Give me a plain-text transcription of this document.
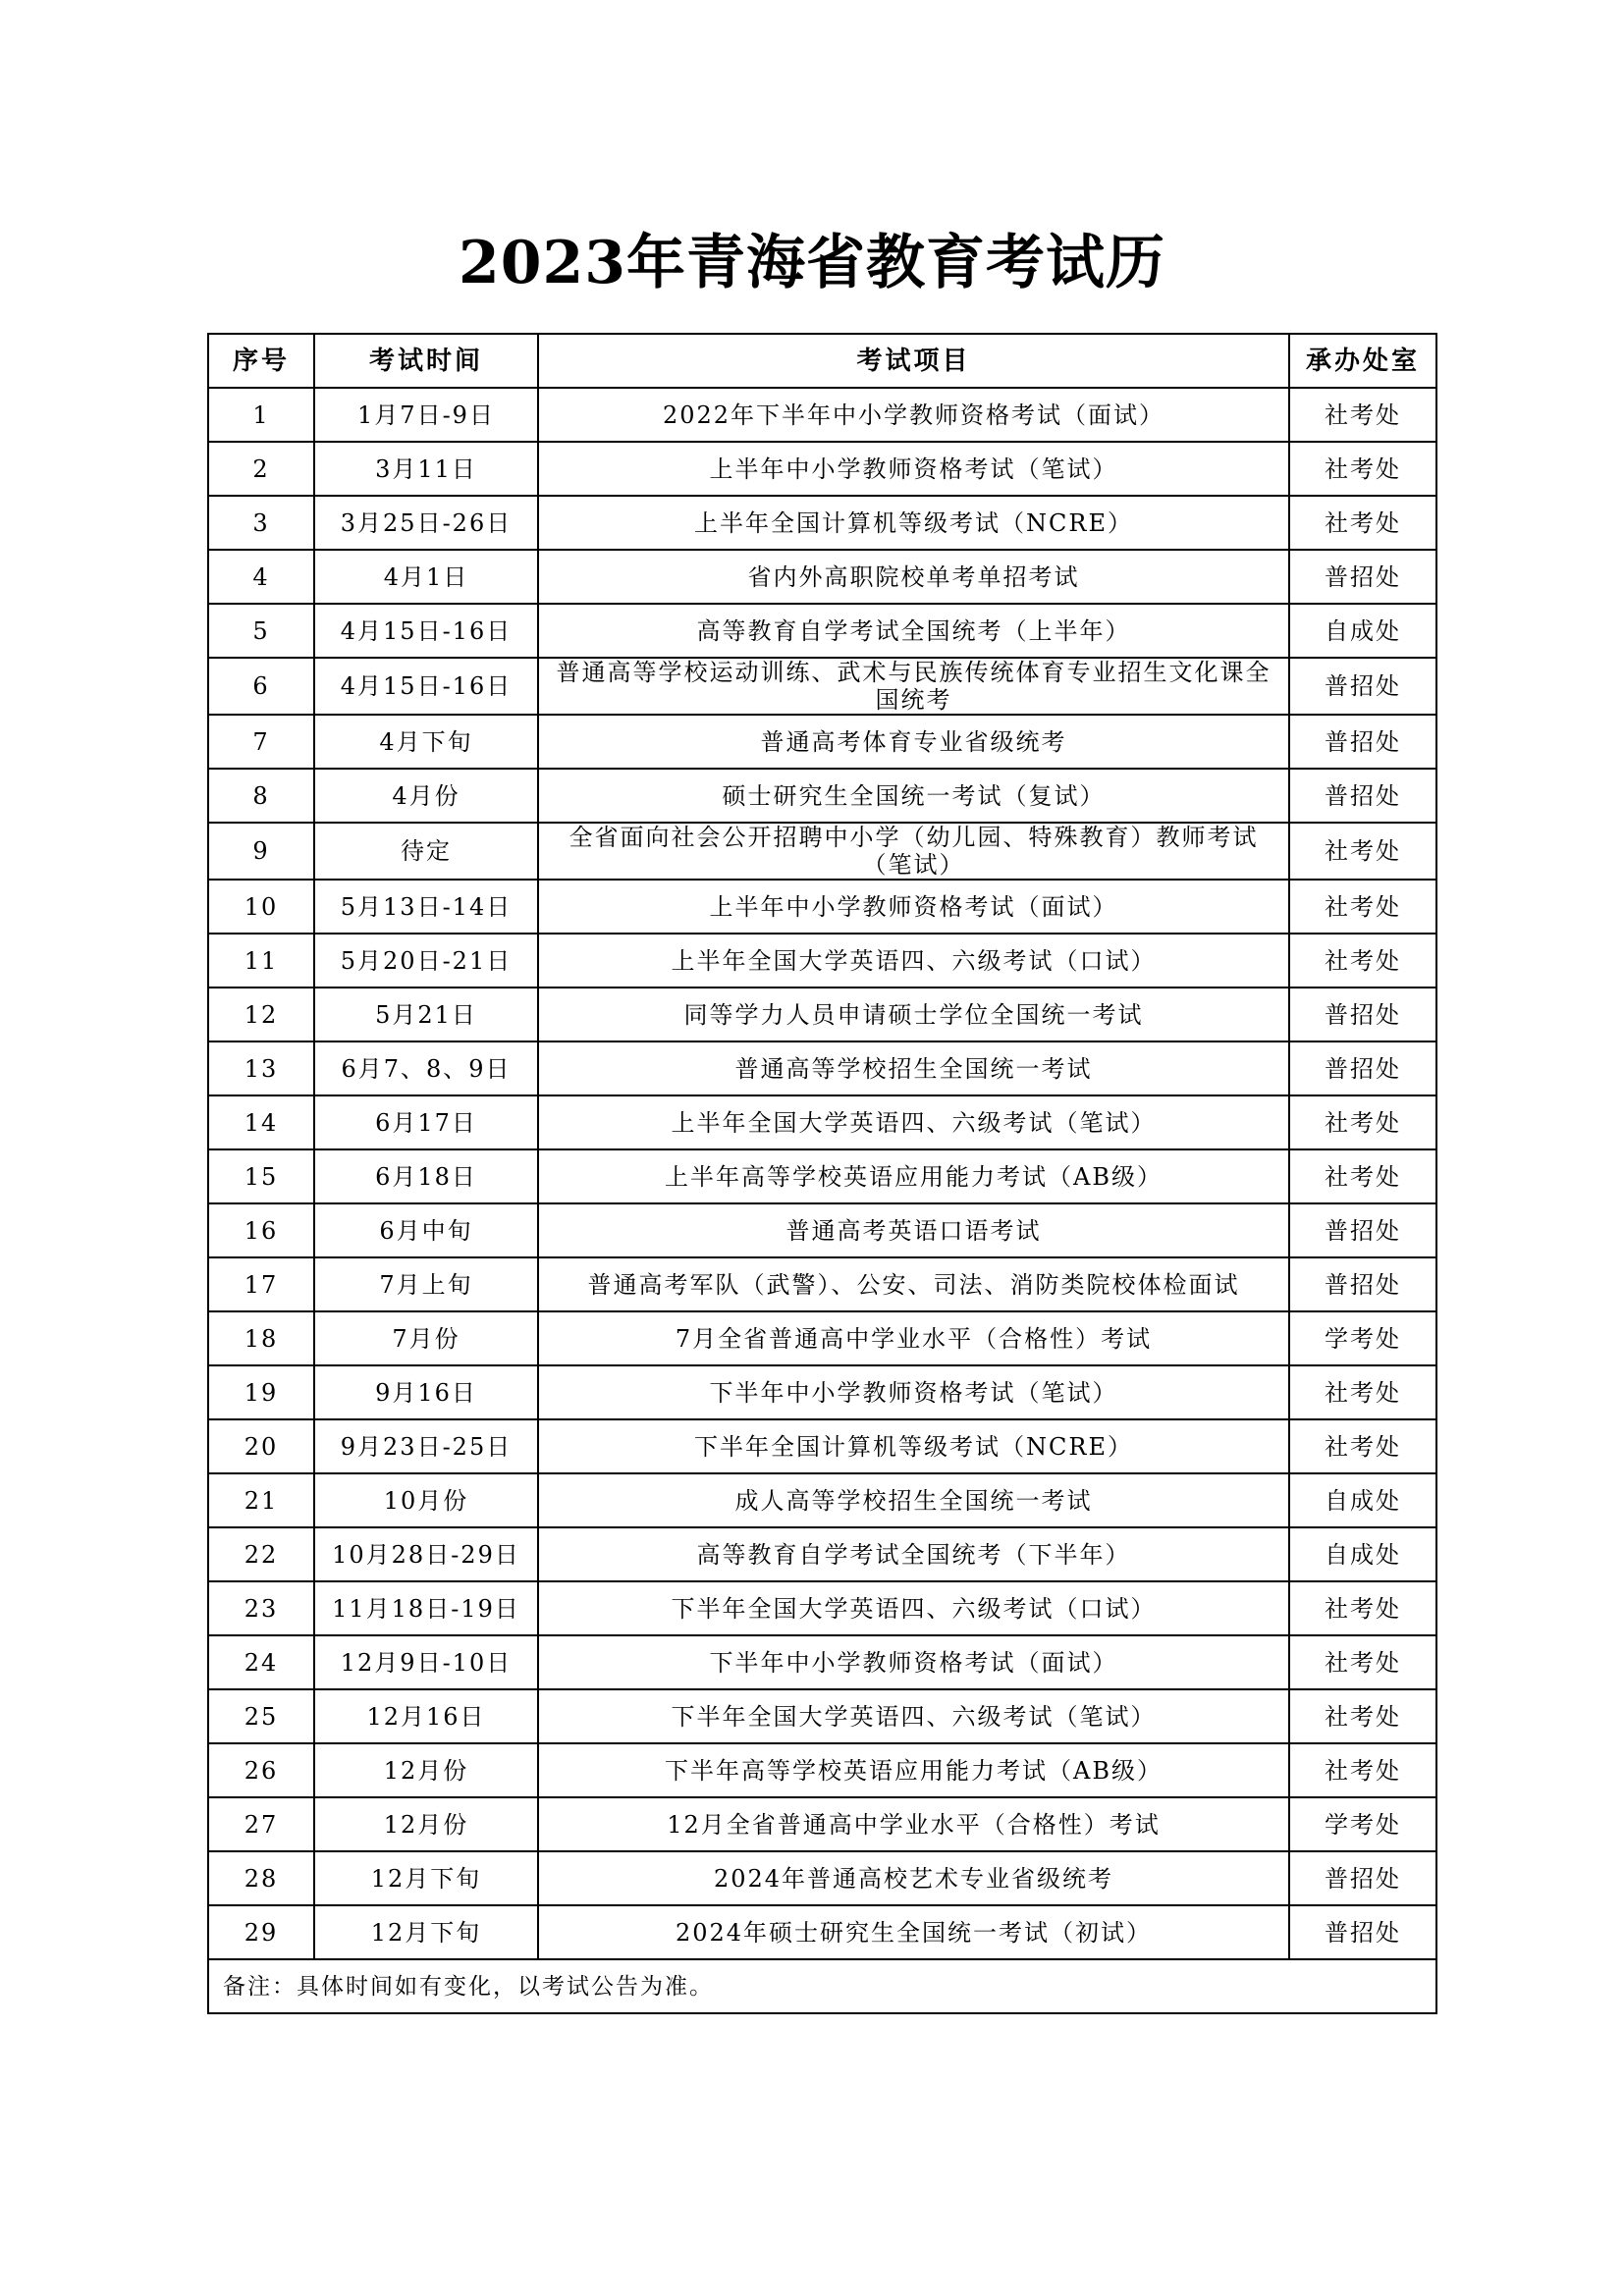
2023年青海省教育考试历
序号	考试时间	考试项目	承办处室
1	1月7日-9日	2022年下半年中小学教师资格考试（面试）	社考处
2	3月11日	上半年中小学教师资格考试（笔试）	社考处
3	3月25日-26日	上半年全国计算机等级考试（NCRE）	社考处
4	4月1日	省内外高职院校单考单招考试	普招处
5	4月15日-16日	高等教育自学考试全国统考（上半年）	自成处
6	4月15日-16日	普通高等学校运动训练、武术与民族传统体育专业招生文化课全国统考	普招处
7	4月下旬	普通高考体育专业省级统考	普招处
8	4月份	硕士研究生全国统一考试（复试）	普招处
9	待定	全省面向社会公开招聘中小学（幼儿园、特殊教育）教师考试（笔试）	社考处
10	5月13日-14日	上半年中小学教师资格考试（面试）	社考处
11	5月20日-21日	上半年全国大学英语四、六级考试（口试）	社考处
12	5月21日	同等学力人员申请硕士学位全国统一考试	普招处
13	6月7、8、9日	普通高等学校招生全国统一考试	普招处
14	6月17日	上半年全国大学英语四、六级考试（笔试）	社考处
15	6月18日	上半年高等学校英语应用能力考试（AB级）	社考处
16	6月中旬	普通高考英语口语考试	普招处
17	7月上旬	普通高考军队（武警）、公安、司法、消防类院校体检面试	普招处
18	7月份	7月全省普通高中学业水平（合格性）考试	学考处
19	9月16日	下半年中小学教师资格考试（笔试）	社考处
20	9月23日-25日	下半年全国计算机等级考试（NCRE）	社考处
21	10月份	成人高等学校招生全国统一考试	自成处
22	10月28日-29日	高等教育自学考试全国统考（下半年）	自成处
23	11月18日-19日	下半年全国大学英语四、六级考试（口试）	社考处
24	12月9日-10日	下半年中小学教师资格考试（面试）	社考处
25	12月16日	下半年全国大学英语四、六级考试（笔试）	社考处
26	12月份	下半年高等学校英语应用能力考试（AB级）	社考处
27	12月份	12月全省普通高中学业水平（合格性）考试	学考处
28	12月下旬	2024年普通高校艺术专业省级统考	普招处
29	12月下旬	2024年硕士研究生全国统一考试（初试）	普招处
备注：具体时间如有变化，以考试公告为准。			
